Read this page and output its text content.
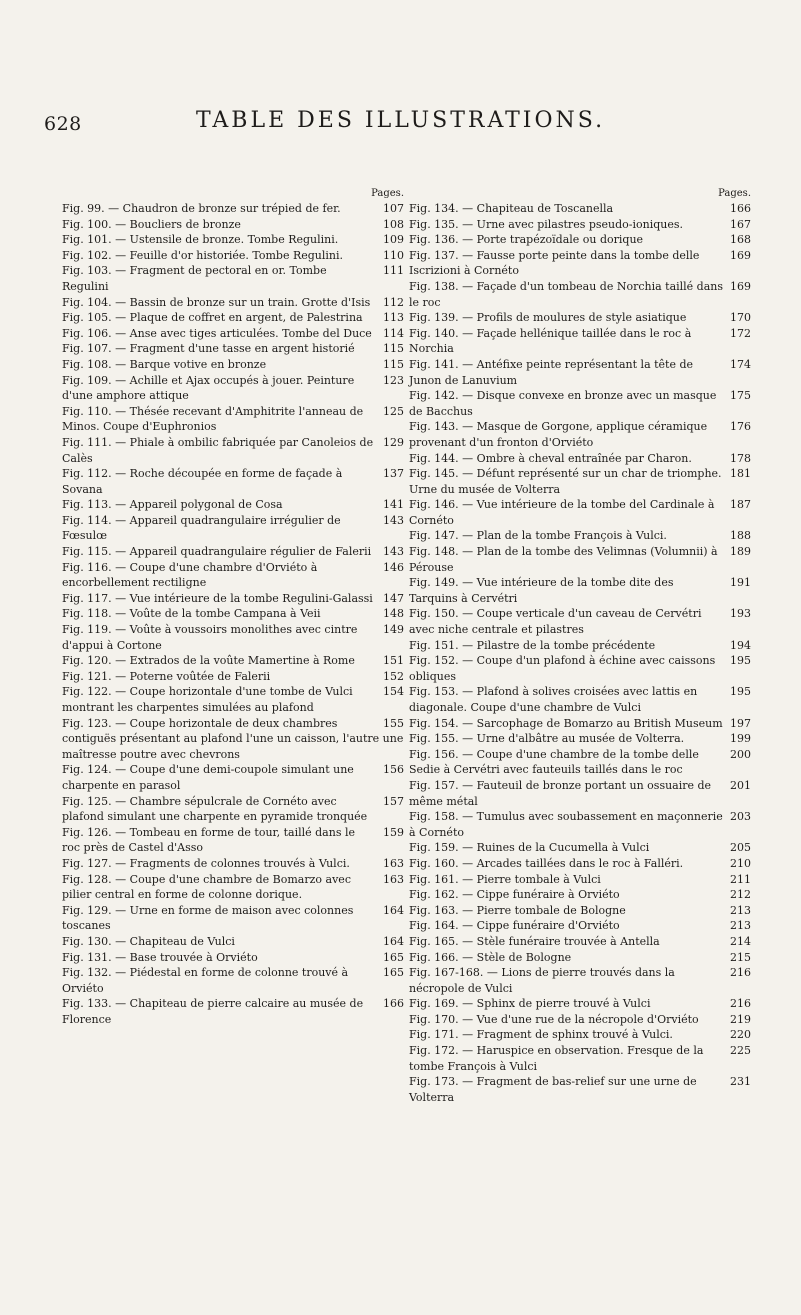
628	TABLE DES ILLUSTRATIONS.
Pages.
107
Fig. 99. — Chaudron de bronze sur trépied de fer.
108
Fig. 100. — Boucliers de bronze
109
Fig. 101. — Ustensile de bronze. Tombe Regulini.
110
Fig. 102. — Feuille d'or historiée. Tombe Regulini.
111
Fig. 103. — Fragment de pectoral en or. Tombe Regulini
112
Fig. 104. — Bassin de bronze sur un train. Grotte d'Isis
113
Fig. 105. — Plaque de coffret en argent, de Palestrina
114
Fig. 106. — Anse avec tiges articulées. Tombe del Duce
115
Fig. 107. — Fragment d'une tasse en argent historié
115
Fig. 108. — Barque votive en bronze
123
Fig. 109. — Achille et Ajax occupés à jouer. Peinture d'une amphore attique
125
Fig. 110. — Thésée recevant d'Amphitrite l'anneau de Minos. Coupe d'Euphronios
129
Fig. 111. — Phiale à ombilic fabriquée par Canoleios de Calès
137
Fig. 112. — Roche découpée en forme de façade à Sovana
141
Fig. 113. — Appareil polygonal de Cosa
143
Fig. 114. — Appareil quadrangulaire irrégulier de Fœsulœ
143
Fig. 115. — Appareil quadrangulaire régulier de Falerii
146
Fig. 116. — Coupe d'une chambre d'Orviéto à encorbellement rectiligne
147
Fig. 117. — Vue intérieure de la tombe Regulini-Galassi
148
Fig. 118. — Voûte de la tombe Campana à Veii
149
Fig. 119. — Voûte à voussoirs monolithes avec cintre d'appui à Cortone
151
Fig. 120. — Extrados de la voûte Mamertine à Rome
152
Fig. 121. — Poterne voûtée de Falerii
154
Fig. 122. — Coupe horizontale d'une tombe de Vulci montrant les charpentes simulées au plafond
155
Fig. 123. — Coupe horizontale de deux chambres contiguës présentant au plafond l'une un caisson, l'autre une maîtresse poutre avec chevrons
156
Fig. 124. — Coupe d'une demi-coupole simulant une charpente en parasol
157
Fig. 125. — Chambre sépulcrale de Cornéto avec plafond simulant une charpente en pyramide tronquée
159
Fig. 126. — Tombeau en forme de tour, taillé dans le roc près de Castel d'Asso
163
Fig. 127. — Fragments de colonnes trouvés à Vulci.
163
Fig. 128. — Coupe d'une chambre de Bomarzo avec pilier central en forme de colonne dorique.
164
Fig. 129. — Urne en forme de maison avec colonnes toscanes
164
Fig. 130. — Chapiteau de Vulci
165
Fig. 131. — Base trouvée à Orviéto
165
Fig. 132. — Piédestal en forme de colonne trouvé à Orviéto
166
Fig. 133. — Chapiteau de pierre calcaire au musée de Florence
Pages.
166
Fig. 134. — Chapiteau de Toscanella
167
Fig. 135. — Urne avec pilastres pseudo-ioniques.
168
Fig. 136. — Porte trapézoïdale ou dorique
169
Fig. 137. — Fausse porte peinte dans la tombe delle Iscrizioni à Cornéto
169
Fig. 138. — Façade d'un tombeau de Norchia taillé dans le roc
170
Fig. 139. — Profils de moulures de style asiatique
172
Fig. 140. — Façade hellénique taillée dans le roc à Norchia
174
Fig. 141. — Antéfixe peinte représentant la tête de Junon de Lanuvium
175
Fig. 142. — Disque convexe en bronze avec un masque de Bacchus
176
Fig. 143. — Masque de Gorgone, applique céramique provenant d'un fronton d'Orviéto
178
Fig. 144. — Ombre à cheval entraînée par Charon.
181
Fig. 145. — Défunt représenté sur un char de triomphe. Urne du musée de Volterra
187
Fig. 146. — Vue intérieure de la tombe del Cardinale à Cornéto
188
Fig. 147. — Plan de la tombe François à Vulci.
189
Fig. 148. — Plan de la tombe des Velimnas (Volumnii) à Pérouse
191
Fig. 149. — Vue intérieure de la tombe dite des Tarquins à Cervétri
193
Fig. 150. — Coupe verticale d'un caveau de Cervétri avec niche centrale et pilastres
194
Fig. 151. — Pilastre de la tombe précédente
195
Fig. 152. — Coupe d'un plafond à échine avec caissons obliques
195
Fig. 153. — Plafond à solives croisées avec lattis en diagonale. Coupe d'une chambre de Vulci
197
Fig. 154. — Sarcophage de Bomarzo au British Museum
199
Fig. 155. — Urne d'albâtre au musée de Volterra.
200
Fig. 156. — Coupe d'une chambre de la tombe delle Sedie à Cervétri avec fauteuils taillés dans le roc
201
Fig. 157. — Fauteuil de bronze portant un ossuaire de même métal
203
Fig. 158. — Tumulus avec soubassement en maçonnerie à Cornéto
205
Fig. 159. — Ruines de la Cucumella à Vulci
210
Fig. 160. — Arcades taillées dans le roc à Falléri.
211
Fig. 161. — Pierre tombale à Vulci
212
Fig. 162. — Cippe funéraire à Orviéto
213
Fig. 163. — Pierre tombale de Bologne
213
Fig. 164. — Cippe funéraire d'Orviéto
214
Fig. 165. — Stèle funéraire trouvée à Antella
215
Fig. 166. — Stèle de Bologne
216
Fig. 167-168. — Lions de pierre trouvés dans la nécropole de Vulci
216
Fig. 169. — Sphinx de pierre trouvé à Vulci
219
Fig. 170. — Vue d'une rue de la nécropole d'Orviéto
220
Fig. 171. — Fragment de sphinx trouvé à Vulci.
225
Fig. 172. — Haruspice en observation. Fresque de la tombe François à Vulci
231
Fig. 173. — Fragment de bas-relief sur une urne de Volterra
